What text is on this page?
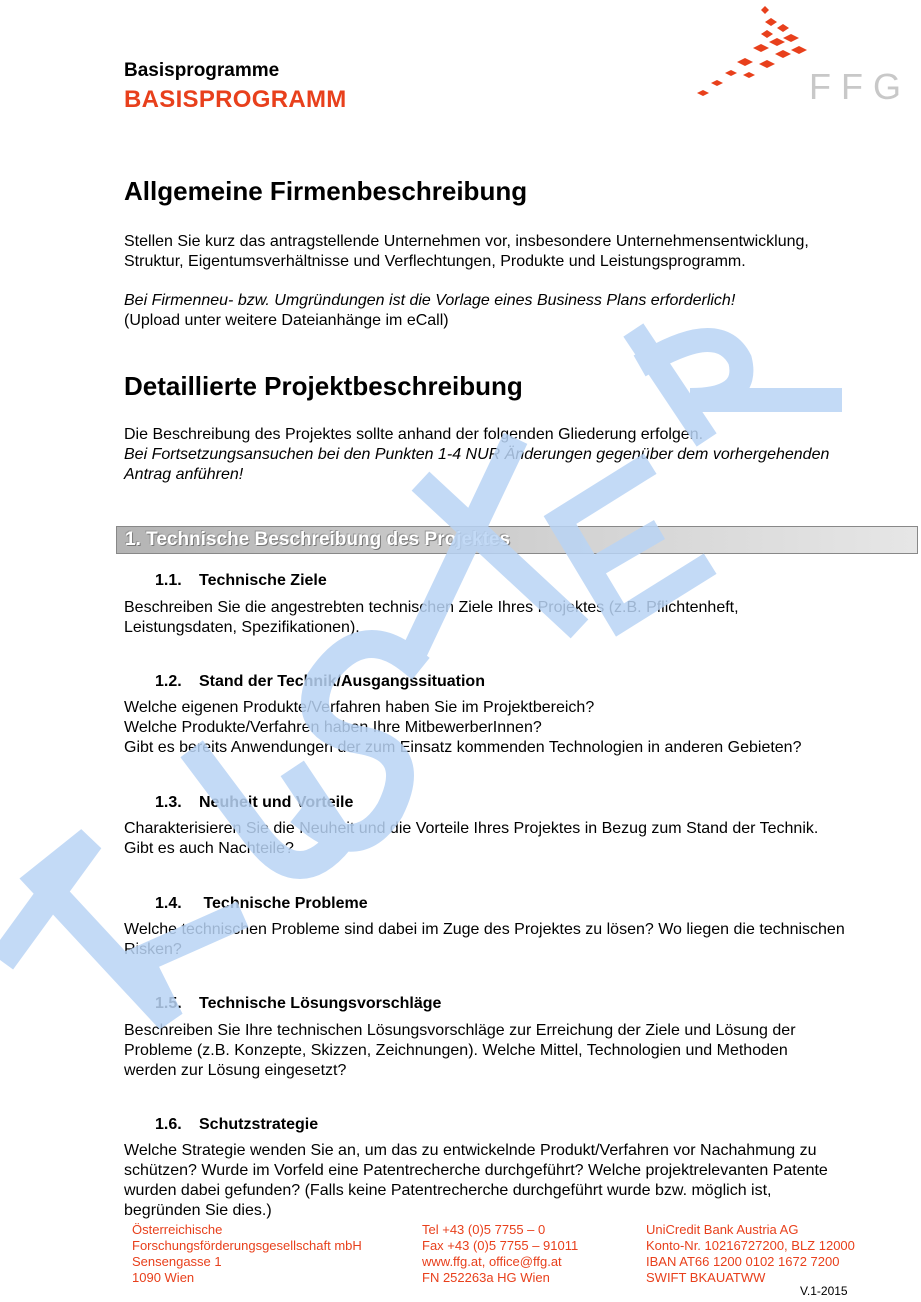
Basisprogramme
BASISPROGRAMM	FFG
Allgemeine Firmenbeschreibung

Stellen Sie kurz das antragstellende Unternehmen vor, insbesondere Unternehmensentwicklung,

Struktur, Eigentumsverhältnisse und Verflechtungen, Produkte und Leistungsprogramm.

Bei Firmenneu- bzw. Umgründungen ist die Vorlage eines Business Plans erforderlich!

(Upload unter weitere Dateianhänge im eCall)

Detaillierte Projektbeschreibung

Die Beschreibung des Projektes sollte anhand der folgenden Gliederung erfolgen.

Bei Fortsetzungsansuchen bei den Punkten 1-4 NUR Änderungen gegenüber dem vorhergehenden

Antrag anführen!

1. Technische Beschreibung des Projektes
1.1. Technische Ziele

Beschreiben Sie die angestrebten technischen Ziele Ihres Projektes (z.B. Pflichtenheft,

Leistungsdaten, Spezifikationen).

1.2. Stand der Technik/Ausgangssituation

Welche eigenen Produkte/Verfahren haben Sie im Projektbereich?

Welche Produkte/Verfahren haben Ihre MitbewerberInnen?

Gibt es bereits Anwendungen der zum Einsatz kommenden Technologien in anderen Gebieten?

1.3. Neuheit und Vorteile

Charakterisieren Sie die Neuheit und die Vorteile Ihres Projektes in Bezug zum Stand der Technik.

Gibt es auch Nachteile?

1.4. Technische Probleme

Welche technischen Probleme sind dabei im Zuge des Projektes zu lösen? Wo liegen die technischen

Risken?

1.5. Technische Lösungsvorschläge

Beschreiben Sie Ihre technischen Lösungsvorschläge zur Erreichung der Ziele und Lösung der

Probleme (z.B. Konzepte, Skizzen, Zeichnungen). Welche Mittel, Technologien und Methoden

werden zur Lösung eingesetzt?

1.6. Schutzstrategie

Welche Strategie wenden Sie an, um das zu entwickelnde Produkt/Verfahren vor Nachahmung zu

schützen? Wurde im Vorfeld eine Patentrecherche durchgeführt? Welche projektrelevanten Patente

wurden dabei gefunden? (Falls keine Patentrecherche durchgeführt wurde bzw. möglich ist,

begründen Sie dies.)

Österreichische
Forschungsförderungsgesellschaft mbH
Sensengasse 1
1090 Wien
Tel +43 (0)5 7755 – 0
Fax +43 (0)5 7755 – 91011
www.ffg.at, office@ffg.at
FN 252263a HG Wien
UniCredit Bank Austria AG
Konto-Nr. 10216727200, BLZ 12000
IBAN AT66 1200 0102 1672 7200
SWIFT BKAUATWW
V.1-2015
